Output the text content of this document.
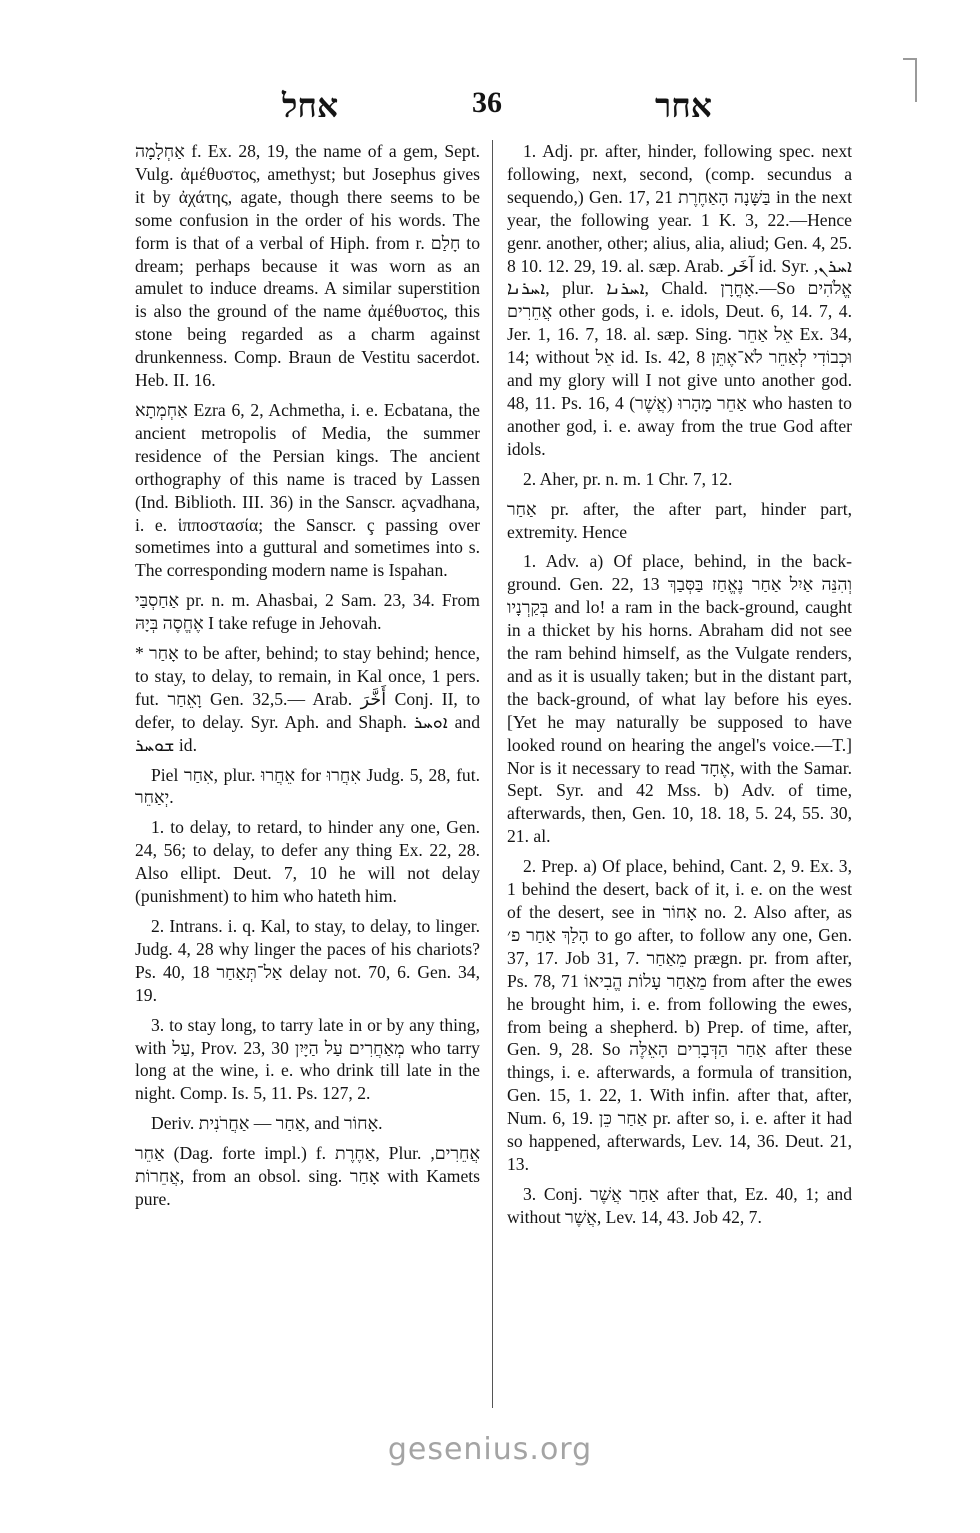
אחל	36	אחר

אַחְלָמָה f. Ex. 28, 19, the name of a gem, Sept. Vulg. ἀμέθυστος, amethyst; but Josephus gives it by ἀχάτης, agate, though there seems to be some confusion in the order of his words. The form is that of a verbal of Hiph. from r. חָלַם to dream; perhaps because it was worn as an amulet to induce dreams. A similar superstition is also the ground of the name ἀμέθυστος, this stone being regarded as a charm against drunkenness. Comp. Braun de Vestitu sacerdot. Heb. II. 16.

אַחְמְתָא Ezra 6, 2, Achmetha, i. e. Ecbatana, the ancient metropolis of Media, the summer residence of the Persian kings. The ancient orthography of this name is traced by Lassen (Ind. Biblioth. III. 36) in the Sanscr. açvadhana, i. e. ἱπποστασία; the Sanscr. ç passing over sometimes into a guttural and sometimes into s. The corresponding modern name is Ispahan.

אַחַסְבַּי pr. n. m. Ahasbai, 2 Sam. 23, 34. From אֶחֱסֶה בְּיָהּ I take refuge in Jehovah.

* אָחַר to be after, behind; to stay behind; hence, to stay, to delay, to remain, in Kal once, 1 pers. fut. וָאֵחַר Gen. 32,5.— Arab. أَخَّرَ Conj. II, to defer, to delay. Syr. Aph. and Shaph. ܐܘܚܪ and ܫܘܚܪ id.

Piel אִחַר, plur. אֵחֲרוּ for אִחֲרוּ Judg. 5, 28, fut. יְאַחֵר.

1. to delay, to retard, to hinder any one, Gen. 24, 56; to delay, to defer any thing Ex. 22, 28. Also ellipt. Deut. 7, 10 he will not delay (punishment) to him who hateth him.

2. Intrans. i. q. Kal, to stay, to delay, to linger. Judg. 4, 28 why linger the paces of his chariots? Ps. 40, 18 אַל־תְּאַחַר delay not. 70, 6. Gen. 34, 19.

3. to stay long, to tarry late in or by any thing, with עַל, Prov. 23, 30 מְאַחֲרִים עַל הַיָּיִן who tarry long at the wine, i. e. who drink till late in the night. Comp. Is. 5, 11. Ps. 127, 2.

Deriv. אַחַר — אַחֲרֹנִית, and אָחוֹר.

אַחֵר (Dag. forte impl.) f. אַחֶרֶת, Plur. אֲחֵרִים, אֲחֵרוֹת, from an obsol. sing. אָחַר with Kamets pure.

1. Adj. pr. after, hinder, following spec. next following, next, second, (comp. secundus a sequendo,) Gen. 17, 21 בַּשָּׁנָה הָאַחֶרֶת in the next year, the following year. 1 K. 3, 22.—Hence genr. another, other; alius, alia, aliud; Gen. 4, 25. 8 10. 12. 29, 19. al. sæp. Arab. آخَر id. Syr. ܐܚܪܢ, ܐܚܪܢܐ, plur. ܐܚܪܢܐ, Chald. אָחֳרָן.—So אֱלֹהִים אֲחֵרִים other gods, i. e. idols, Deut. 6, 14. 7, 4. Jer. 1, 16. 7, 18. al. sæp. Sing. אֵל אַחֵר Ex. 34, 14; without אֵל id. Is. 42, 8 וּכְבוֹדִי לְאַחֵר לֹא־אֶתֵּן and my glory will I not give unto another god. 48, 11. Ps. 16, 4 (אֲשֶׁר) אַחֵר מָהָרוּ who hasten to another god, i. e. away from the true God after idols.

2. Aher, pr. n. m. 1 Chr. 7, 12.

אַחַר pr. after, the after part, hinder part, extremity. Hence

1. Adv. a) Of place, behind, in the back-ground. Gen. 22, 13 וְהִנֵּה אַיִל אַחַר נֶאֱחַז בַּסְּבַךְ בְּקַרְנָיו and lo! a ram in the back-ground, caught in a thicket by his horns. Abraham did not see the ram behind himself, as the Vulgate renders, and as it is usually taken; but in the distant part, the back-ground, of what lay before his eyes. [Yet he may naturally be supposed to have looked round on hearing the angel's voice.—T.] Nor is it necessary to read אֶחָד, with the Samar. Sept. Syr. and 42 Mss. b) Adv. of time, afterwards, then, Gen. 10, 18. 18, 5. 24, 55. 30, 21. al.

2. Prep. a) Of place, behind, Cant. 2, 9. Ex. 3, 1 behind the desert, back of it, i. e. on the west of the desert, see in אָחוֹר no. 2. Also after, as הָלַךְ אַחַר פ׳ to go after, to follow any one, Gen. 37, 17. Job 31, 7. מֵאַחַר prægn. pr. from after, Ps. 78, 71 מֵאַחַר עָלוֹת הֱבִיאוֹ from after the ewes he brought him, i. e. from following the ewes, from being a shepherd. b) Prep. of time, after, Gen. 9, 28. So אַחַר הַדְּבָרִים הָאֵלֶּה after these things, i. e. afterwards, a formula of transition, Gen. 15, 1. 22, 1. With infin. after that, after, Num. 6, 19. אַחַר כֵּן pr. after so, i. e. after it had so happened, afterwards, Lev. 14, 36. Deut. 21, 13.

3. Conj. אַחַר אֲשֶׁר after that, Ez. 40, 1; and without אֲשֶׁר, Lev. 14, 43. Job 42, 7.

gesenius.org
